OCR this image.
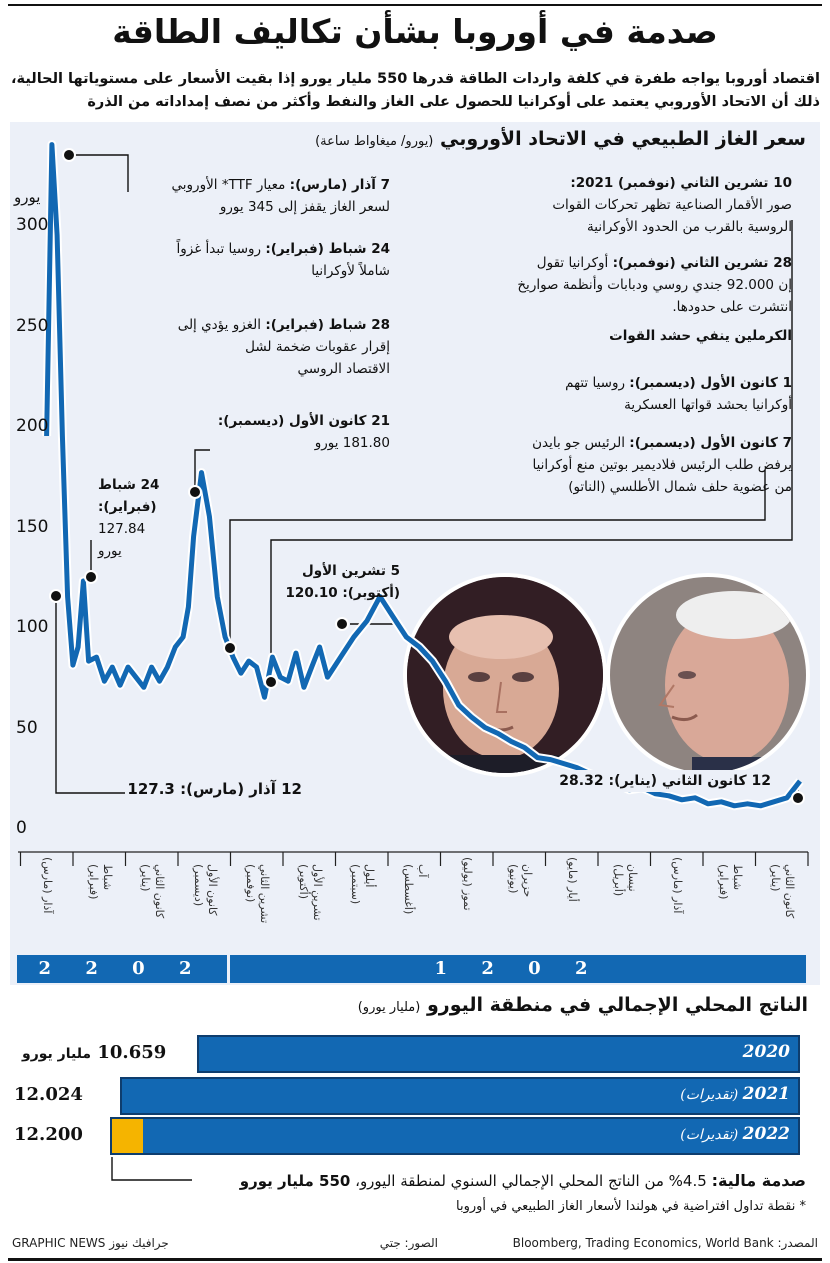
صدمة في أوروبا بشأن تكاليف الطاقة
اقتصاد أوروبا يواجه طفرة في كلفة واردات الطاقة قدرها 550 مليار يورو إذا بقيت الأسعار على مستوياتها الحالية،
ذلك أن الاتحاد الأوروبي يعتمد على أوكرانيا للحصول على الغاز والنفط وأكثر من نصف إمداداته من الذرة
سعر الغاز الطبيعي في الاتحاد الأوروبي (يورو/ ميغاواط ساعة)
يورو
300
250
200
150
100
50
0
كانون الثاني (يناير)
شباط (فبراير)
آذار (مارس)
نيسان (أبريل)
أيار (مايو)
حزيران (يونيو)
تموز (يوليو)
آب (أغسطس)
أيلول (سبتمبر)
تشرين الأول (أكتوبر)
تشرين الثاني (نوفمبر)
كانون الأول (ديسمبر)
كانون الثاني (يناير)
شباط (فبراير)
آذار (مارس)
2 0 2 2	2 0 2 1
10 تشرين الثاني (نوفمبر) 2021:
صور الأقمار الصناعية تظهر تحركات القوات
الروسية بالقرب من الحدود الأوكرانية
28 تشرين الثاني (نوفمبر): أوكرانيا تقول
إن 92.000 جندي روسي ودبابات وأنظمة صواريخ
انتشرت على حدودها.
الكرملين ينفي حشد القوات
1 كانون الأول (ديسمبر): روسيا تتهم
أوكرانيا بحشد قواتها العسكرية
7 كانون الأول (ديسمبر): الرئيس جو بايدن
يرفض طلب الرئيس فلاديمير بوتين منع أوكرانيا
من عضوية حلف شمال الأطلسي (الناتو)
7 آذار (مارس): معيار TTF* الأوروبي
لسعر الغاز يقفز إلى 345 يورو
24 شباط (فبراير): روسيا تبدأ غزواً
شاملاً لأوكرانيا
28 شباط (فبراير): الغزو يؤدي إلى
إقرار عقوبات ضخمة لشل
الاقتصاد الروسي
21 كانون الأول (ديسمبر):
181.80 يورو
24 شباط
(فبراير):
127.84
يورو
5 تشرين الأول
(أكتوبر): 120.10
12 آذار (مارس): 127.3	12 كانون الثاني (يناير): 28.32
الناتج المحلي الإجمالي في منطقة اليورو (مليار يورو)
2020
10.659 مليار يورو
2021 (تقديرات)
12.024
2022 (تقديرات)
12.200
صدمة مالية: 4.5% من الناتج المحلي الإجمالي السنوي لمنطقة اليورو، 550 مليار يورو
* نقطة تداول افتراضية في هولندا لأسعار الغاز الطبيعي في أوروبا
المصدر: Bloomberg, Trading Economics, World Bank
الصور: جتي
GRAPHIC NEWS جرافيك نيوز
